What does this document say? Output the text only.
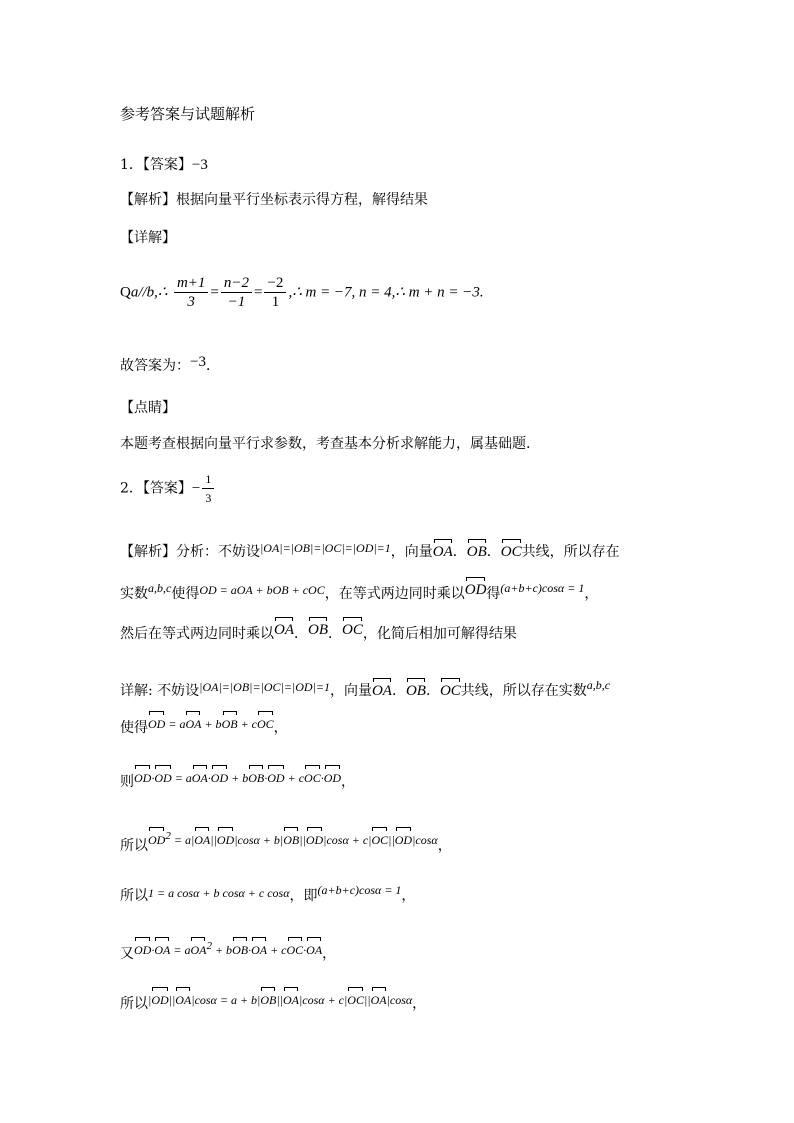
参考答案与试题解析
1．【答案】−3
【解析】根据向量平行坐标表示得方程，解得结果
【详解】
Qa//b,∴ $\frac{m+1}{3} = \frac{n-2}{-1} = \frac{-2}{1}$ ,∴ m = −7, n = 4,∴ m + n = −3.
故答案为：−3．
【点睛】
本题考查根据向量平行求参数，考查基本分析求解能力，属基础题.
2．【答案】− $\frac{1}{3}$
【解析】分析：不妨设|OA|=|OB|=|OC|=|OD|=1，向量OA．OB．OC共线，所以存在
实数a,b,c使得OD = aOA + bOB + cOC，在等式两边同时乘以OD得(a+b+c)cosα = 1，
然后在等式两边同时乘以OA．OB．OC，化简后相加可解得结果
详解: 不妨设|OA|=|OB|=|OC|=|OD|=1，向量OA．OB．OC共线，所以存在实数a,b,c
使得OD = aOA + bOB + cOC，
则OD·OD = aOA·OD + bOB·OD + cOC·OD，
所以OD2 = a|OA||OD|cosα + b|OB||OD|cosα + c|OC||OD|cosα，
所以1 = a cosα + b cosα + c cosα，即(a+b+c)cosα = 1，
又OD·OA = aOA2 + bOB·OA + cOC·OA，
所以|OD||OA|cosα = a + b|OB||OA|cosα + c|OC||OA|cosα，
